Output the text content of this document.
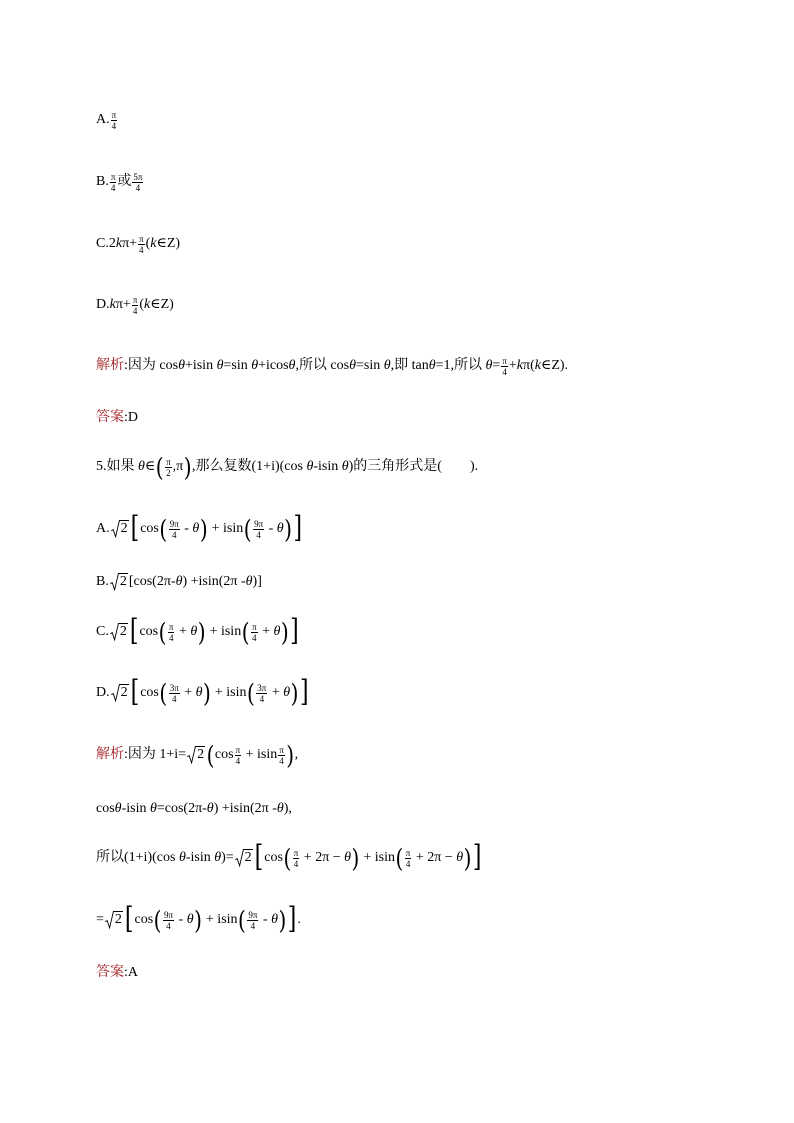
A. $\frac{\pi}{4}$
B. $\frac{\pi}{4}$ 或 $\frac{5\pi}{4}$
C.2 k $\pi+ \frac{\pi}{4}$ ( k ∈Z)
D. k $\pi+ \frac{\pi}{4}$ ( k ∈Z)
解析 :因为 cos θ +isin θ =sin θ +icos θ ,所以 cos θ =sin θ ,即 tan θ =1,所以 $\theta = \frac{\pi}{4} + k$ π( k ∈Z).
答案 :D
5.如果 θ ∈ ( $\frac{\pi}{2} ,\pi$ ) ,那么复数(1+i)(cos θ -isin θ )的三角形式是(        ).
A. 2 [ cos ( $\frac{9\pi}{4}$ - θ ) + isin ( $\frac{9\pi}{4}$ - θ ) ]
B. 2 [cos(2π- θ ) +isin(2π - θ )]
C. 2 [ cos ( $\frac{\pi}{4} + \theta$ ) + isin ( $\frac{\pi}{4} + \theta$ ) ]
D. 2 [ cos ( $\frac{3\pi}{4} + \theta$ ) + isin ( $\frac{3\pi}{4} + \theta$ ) ]
解析 :因为 1+i= 2 ( $\cos \frac{\pi}{4} + isin \frac{\pi}{4}$ ) ,
cos θ -isin θ =cos(2π- θ ) +isin(2π - θ ),
所以(1+i)(cos θ -isin θ )= 2 [ cos ( $\frac{\pi}{4} + 2\pi - \theta$ ) + isin ( $\frac{\pi}{4} + 2\pi - \theta$ ) ]
= 2 [ cos ( $\frac{9\pi}{4}$ - θ ) + isin ( $\frac{9\pi}{4}$ - θ ) ] .
答案 :A
